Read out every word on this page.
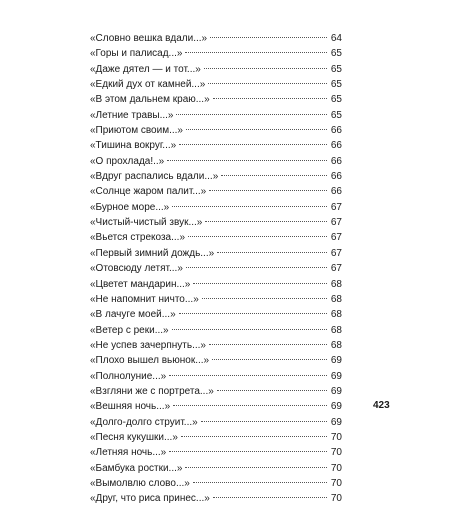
«Словно вешка вдали...»	64
«Горы и палисад...»	65
«Даже дятел — и тот...»	65
«Едкий дух от камней...»	65
«В этом дальнем краю...»	65
«Летние травы...»	65
«Приютом своим...»	66
«Тишина вокруг...»	66
«О прохлада!..»	66
«Вдруг распались вдали...»	66
«Солнце жаром палит...»	66
«Бурное море...»	67
«Чистый-чистый звук...»	67
«Вьется стрекоза...»	67
«Первый зимний дождь...»	67
«Отовсюду летят...»	67
«Цветет мандарин...»	68
«Не напомнит ничто...»	68
«В лачуге моей...»	68
«Ветер с реки...»	68
«Не успев зачерпнуть...»	68
«Плохо вышел вьюнок...»	69
«Полнолуние...»	69
«Взгляни же с портрета...»	69
«Вешняя ночь...»	69
«Долго-долго струит...»	69
«Песня кукушки...»	70
«Летняя ночь...»	70
«Бамбука ростки...»	70
«Вымолвлю слово...»	70
«Друг, что риса принес...»	70
423
